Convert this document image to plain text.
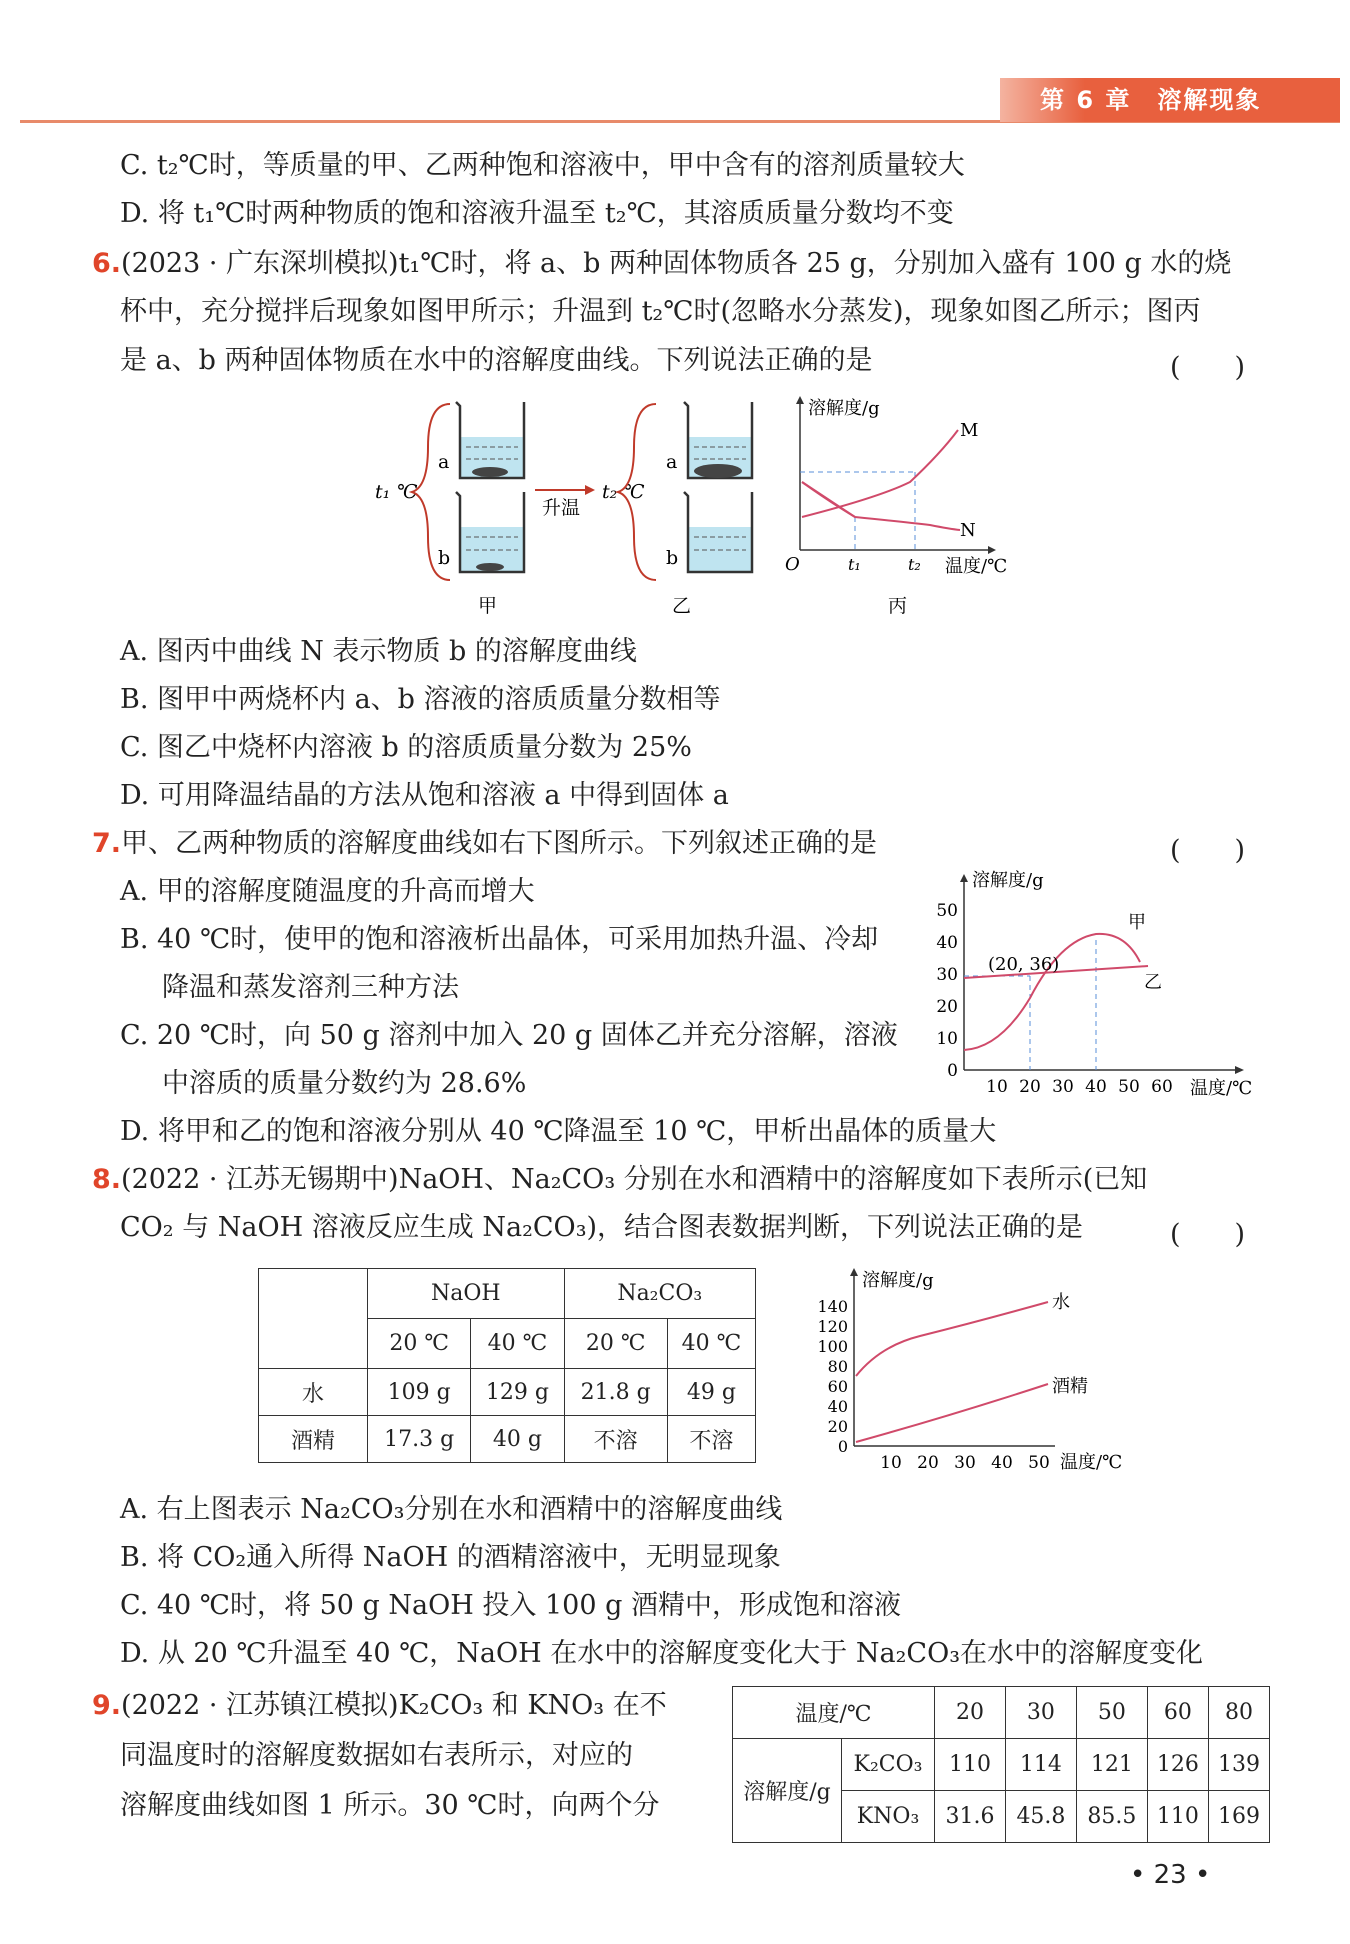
第 6 章　溶解现象
C. t₂℃时，等质量的甲、乙两种饱和溶液中，甲中含有的溶剂质量较大
D. 将 t₁℃时两种物质的饱和溶液升温至 t₂℃，其溶质质量分数均不变
6.(2023 · 广东深圳模拟)t₁℃时，将 a、b 两种固体物质各 25 g，分别加入盛有 100 g 水的烧
杯中，充分搅拌后现象如图甲所示；升温到 t₂℃时(忽略水分蒸发)，现象如图乙所示；图丙
是 a、b 两种固体物质在水中的溶解度曲线。下列说法正确的是	(　　)
t₁ ℃
a
b
甲
升温
t₂ ℃
a
b
乙
溶解度/g
温度/℃
O	t₁	t₂
M
N
丙
A. 图丙中曲线 N 表示物质 b 的溶解度曲线
B. 图甲中两烧杯内 a、b 溶液的溶质质量分数相等
C. 图乙中烧杯内溶液 b 的溶质质量分数为 25%
D. 可用降温结晶的方法从饱和溶液 a 中得到固体 a
7.甲、乙两种物质的溶解度曲线如右下图所示。下列叙述正确的是	(　　)
A. 甲的溶解度随温度的升高而增大
B. 40 ℃时，使甲的饱和溶液析出晶体，可采用加热升温、冷却
降温和蒸发溶剂三种方法
C. 20 ℃时，向 50 g 溶剂中加入 20 g 固体乙并充分溶解，溶液
中溶质的质量分数约为 28.6%
D. 将甲和乙的饱和溶液分别从 40 ℃降温至 10 ℃，甲析出晶体的质量大
50
40
30
20
10
0
10 20 30 40 50 60
溶解度/g
温度/℃
(20, 36)
甲
乙
8.(2022 · 江苏无锡期中)NaOH、Na₂CO₃ 分别在水和酒精中的溶解度如下表所示(已知
CO₂ 与 NaOH 溶液反应生成 Na₂CO₃)，结合图表数据判断，下列说法正确的是	(　　)
	NaOH		Na₂CO₃	
	20 ℃	40 ℃	20 ℃	40 ℃
水	109 g	129 g	21.8 g	49 g
酒精	17.3 g	40 g	不溶	不溶
140
120
100
80
60
40
20
0
10 20 30 40 50
溶解度/g
温度/℃
水
酒精
A. 右上图表示 Na₂CO₃分别在水和酒精中的溶解度曲线
B. 将 CO₂通入所得 NaOH 的酒精溶液中，无明显现象
C. 40 ℃时，将 50 g NaOH 投入 100 g 酒精中，形成饱和溶液
D. 从 20 ℃升温至 40 ℃，NaOH 在水中的溶解度变化大于 Na₂CO₃在水中的溶解度变化
9.(2022 · 江苏镇江模拟)K₂CO₃ 和 KNO₃ 在不
同温度时的溶解度数据如右表所示，对应的
溶解度曲线如图 1 所示。30 ℃时，向两个分
温度/℃		20	30	50	60	80
溶解度/g	K₂CO₃	110	114	121	126	139
	KNO₃	31.6	45.8	85.5	110	169
• 23 •
